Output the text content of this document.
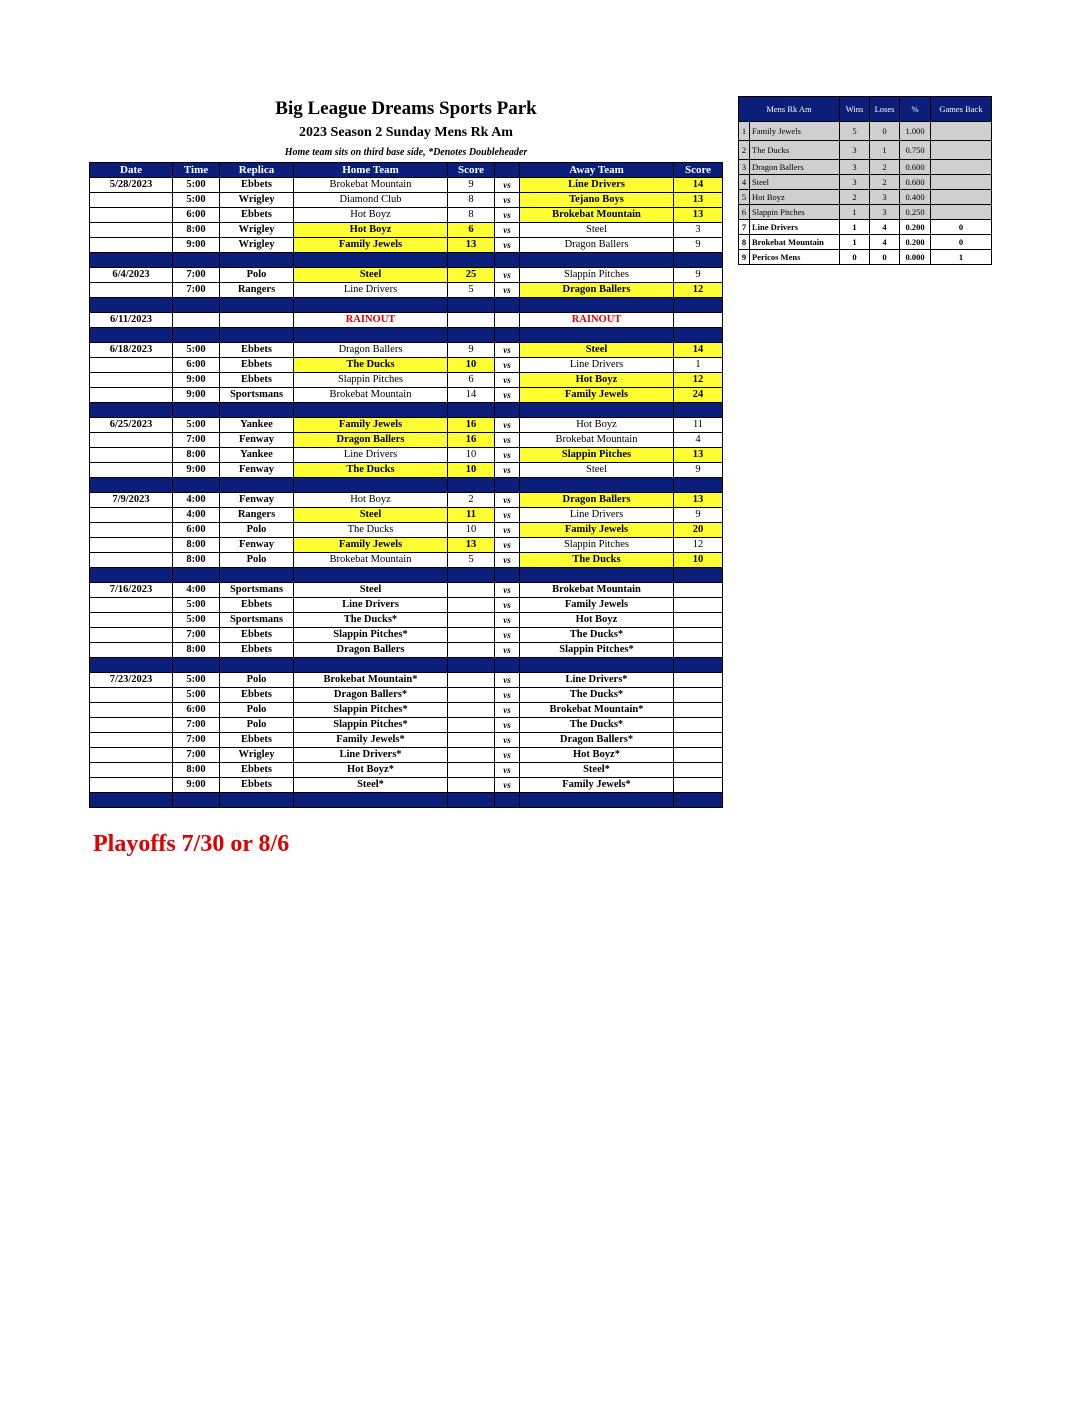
Big League Dreams Sports Park
2023 Season 2 Sunday Mens Rk Am
Home team sits on third base side, *Denotes Doubleheader
Date	Time	Replica	Home Team	Score		Away Team	Score
5/28/2023	5:00	Ebbets	Brokebat Mountain	9	vs	Line Drivers	14
	5:00	Wrigley	Diamond Club	8	vs	Tejano Boys	13
	6:00	Ebbets	Hot Boyz	8	vs	Brokebat Mountain	13
	8:00	Wrigley	Hot Boyz	6	vs	Steel	3
	9:00	Wrigley	Family Jewels	13	vs	Dragon Ballers	9

6/4/2023	7:00	Polo	Steel	25	vs	Slappin Pitches	9
	7:00	Rangers	Line Drivers	5	vs	Dragon Ballers	12

6/11/2023			RAINOUT			RAINOUT	

6/18/2023	5:00	Ebbets	Dragon Ballers	9	vs	Steel	14
	6:00	Ebbets	The Ducks	10	vs	Line Drivers	1
	9:00	Ebbets	Slappin Pitches	6	vs	Hot Boyz	12
	9:00	Sportsmans	Brokebat Mountain	14	vs	Family Jewels	24

6/25/2023	5:00	Yankee	Family Jewels	16	vs	Hot Boyz	11
	7:00	Fenway	Dragon Ballers	16	vs	Brokebat Mountain	4
	8:00	Yankee	Line Drivers	10	vs	Slappin Pitches	13
	9:00	Fenway	The Ducks	10	vs	Steel	9

7/9/2023	4:00	Fenway	Hot Boyz	2	vs	Dragon Ballers	13
	4:00	Rangers	Steel	11	vs	Line Drivers	9
	6:00	Polo	The Ducks	10	vs	Family Jewels	20
	8:00	Fenway	Family Jewels	13	vs	Slappin Pitches	12
	8:00	Polo	Brokebat Mountain	5	vs	The Ducks	10

7/16/2023	4:00	Sportsmans	Steel		vs	Brokebat Mountain	
	5:00	Ebbets	Line Drivers		vs	Family Jewels	
	5:00	Sportsmans	The Ducks*		vs	Hot Boyz	
	7:00	Ebbets	Slappin Pitches*		vs	The Ducks*	
	8:00	Ebbets	Dragon Ballers		vs	Slappin Pitches*	

7/23/2023	5:00	Polo	Brokebat Mountain*		vs	Line Drivers*	
	5:00	Ebbets	Dragon Ballers*		vs	The Ducks*	
	6:00	Polo	Slappin Pitches*		vs	Brokebat Mountain*	
	7:00	Polo	Slappin Pitches*		vs	The Ducks*	
	7:00	Ebbets	Family Jewels*		vs	Dragon Ballers*	
	7:00	Wrigley	Line Drivers*		vs	Hot Boyz*	
	8:00	Ebbets	Hot Boyz*		vs	Steel*	
	9:00	Ebbets	Steel*		vs	Family Jewels*	

Mens Rk Am		Wins	Loses	%	Games Back
1	Family Jewels	5	0	1.000	
2	The Ducks	3	1	0.750	
3	Dragon Ballers	3	2	0.600	
4	Steel	3	2	0.600	
5	Hot Boyz	2	3	0.400	
6	Slappin Pitches	1	3	0.250	
7	Line Drivers	1	4	0.200	0
8	Brokebat Mountain	1	4	0.200	0
9	Pericos Mens	0	0	0.000	1
Playoffs 7/30 or 8/6
